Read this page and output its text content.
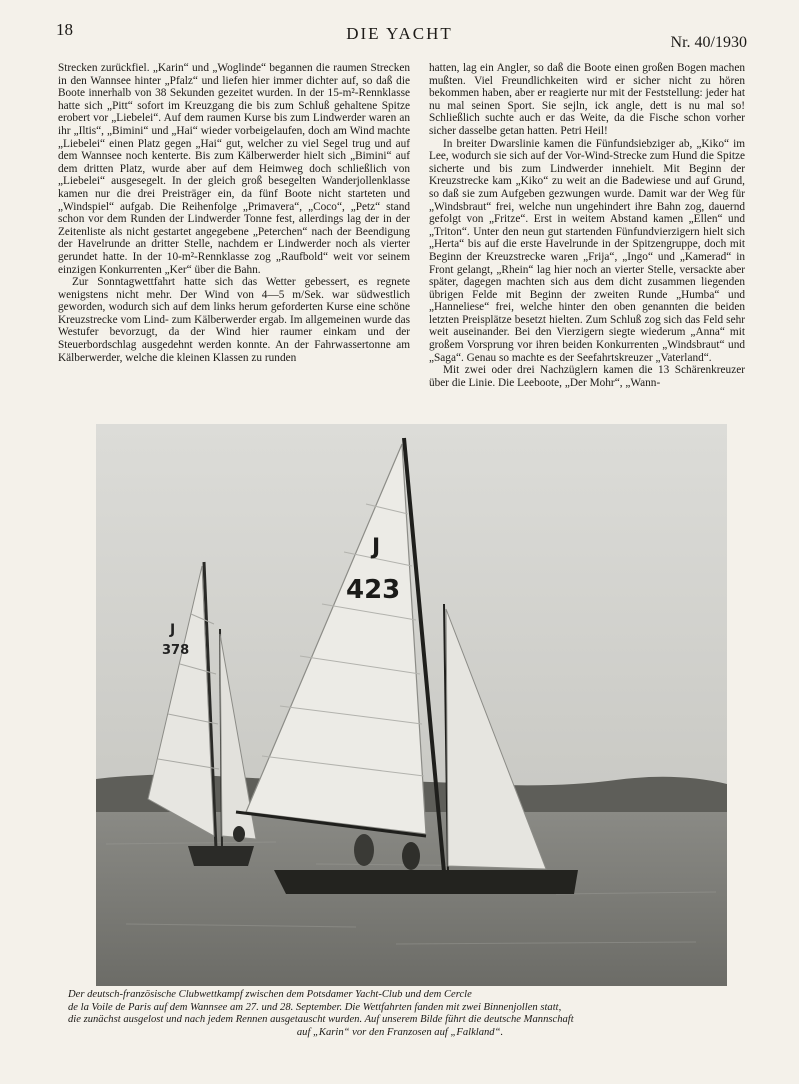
18	DIE YACHT	Nr. 40/1930

Strecken zurückfiel. „Karin“ und „Woglinde“ begannen die raumen Strecken in den Wannsee hinter „Pfalz“ und liefen hier immer dichter auf, so daß die Boote innerhalb von 38 Sekunden gezeitet wurden. In der 15-m²-Rennklasse hatte sich „Pitt“ sofort im Kreuzgang die bis zum Schluß gehaltene Spitze erobert vor „Liebelei“. Auf dem raumen Kurse bis zum Lindwerder waren an ihr „Iltis“, „Bimini“ und „Hai“ wieder vorbeigelaufen, doch am Wind machte „Liebelei“ einen Platz gegen „Hai“ gut, welcher zu viel Segel trug und auf dem Wannsee noch kenterte. Bis zum Kälberwerder hielt sich „Bimini“ auf dem dritten Platz, wurde aber auf dem Heimweg doch schließlich von „Liebelei“ ausgesegelt. In der gleich groß besegelten Wanderjollenklasse kamen nur die drei Preisträger ein, da fünf Boote nicht starteten und „Windspiel“ aufgab. Die Reihenfolge „Primavera“, „Coco“, „Petz“ stand schon vor dem Runden der Lindwerder Tonne fest, allerdings lag der in der Zeitenliste als nicht gestartet angegebene „Peterchen“ nach der Beendigung der Havelrunde an dritter Stelle, nachdem er Lindwerder noch als vierter gerundet hatte. In der 10-m²-Rennklasse zog „Raufbold“ weit vor seinem einzigen Konkurrenten „Ker“ über die Bahn.

Zur Sonntagwettfahrt hatte sich das Wetter gebessert, es regnete wenigstens nicht mehr. Der Wind von 4—5 m/Sek. war südwestlich geworden, wodurch sich auf dem links herum geforderten Kurse eine schöne Kreuzstrecke vom Lind- zum Kälberwerder ergab. Im allgemeinen wurde das Westufer bevorzugt, da der Wind hier raumer einkam und der Steuerbordschlag ausgedehnt werden konnte. An der Fahrwassertonne am Kälberwerder, welche die kleinen Klassen zu runden

hatten, lag ein Angler, so daß die Boote einen großen Bogen machen mußten. Viel Freundlichkeiten wird er sicher nicht zu hören bekommen haben, aber er reagierte nur mit der Feststellung: jeder hat nu mal seinen Sport. Sie sejln, ick angle, dett is nu mal so! Schließlich suchte auch er das Weite, da die Fische schon vorher sicher dasselbe getan hatten. Petri Heil!

In breiter Dwarslinie kamen die Fünfundsiebziger ab, „Kiko“ im Lee, wodurch sie sich auf der Vor-Wind-Strecke zum Hund die Spitze sicherte und bis zum Lindwerder innehielt. Mit Beginn der Kreuzstrecke kam „Kiko“ zu weit an die Badewiese und auf Grund, so daß sie zum Aufgeben gezwungen wurde. Damit war der Weg für „Windsbraut“ frei, welche nun ungehindert ihre Bahn zog, dauernd gefolgt von „Fritze“. Erst in weitem Abstand kamen „Ellen“ und „Triton“. Unter den neun gut startenden Fünfundvierzigern hielt sich „Herta“ bis auf die erste Havelrunde in der Spitzengruppe, doch mit Beginn der Kreuzstrecke waren „Frija“, „Ingo“ und „Kamerad“ in Front gelangt, „Rhein“ lag hier noch an vierter Stelle, versackte aber später, dagegen machten sich aus dem dicht zusammen liegenden übrigen Felde mit Beginn der zweiten Runde „Humba“ und „Hanneliese“ frei, welche hinter den oben genannten die beiden letzten Preisplätze besetzt hielten. Zum Schluß zog sich das Feld sehr weit auseinander. Bei den Vierzigern siegte wiederum „Anna“ mit großem Vorsprung vor ihren beiden Konkurrenten „Windsbraut“ und „Saga“. Genau so machte es der Seefahrtskreuzer „Vaterland“.

Mit zwei oder drei Nachzüglern kamen die 13 Schärenkreuzer über die Linie. Die Leeboote, „Der Mohr“, „Wann-

J
378
J
423
Der deutsch-französische Clubwettkampf zwischen dem Potsdamer Yacht-Club und dem Cercle
de la Voile de Paris auf dem Wannsee am 27. und 28. September. Die Wettfahrten fanden mit zwei Binnenjollen statt,
die zunächst ausgelost und nach jedem Rennen ausgetauscht wurden. Auf unserem Bilde führt die deutsche Mannschaft
auf „Karin“ vor den Franzosen auf „Falkland“.
